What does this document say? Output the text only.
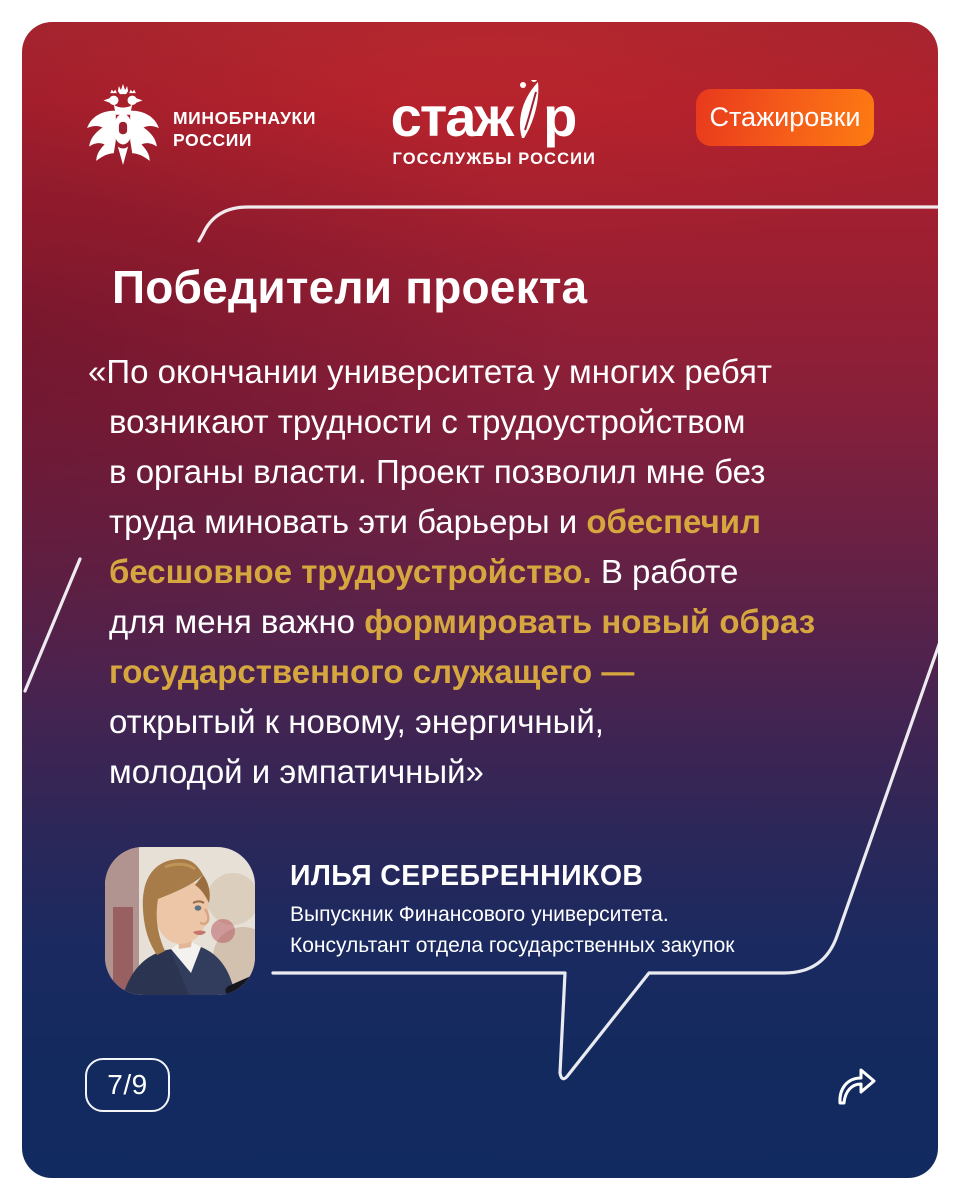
МИНОБРНАУКИ
РОССИИ	стаж р
ГОССЛУЖБЫ РОССИИ
Стажировки
Победители проекта
«По окончании университета у многих ребят
возникают трудности с трудоустройством
в органы власти. Проект позволил мне без
труда миновать эти барьеры и обеспечил
бесшовное трудоустройство. В работе
для меня важно формировать новый образ
государственного служащего —
открытый к новому, энергичный,
молодой и эмпатичный»
ИЛЬЯ СЕРЕБРЕННИКОВ
Выпускник Финансового университета.
Консультант отдела государственных закупок
7/9
